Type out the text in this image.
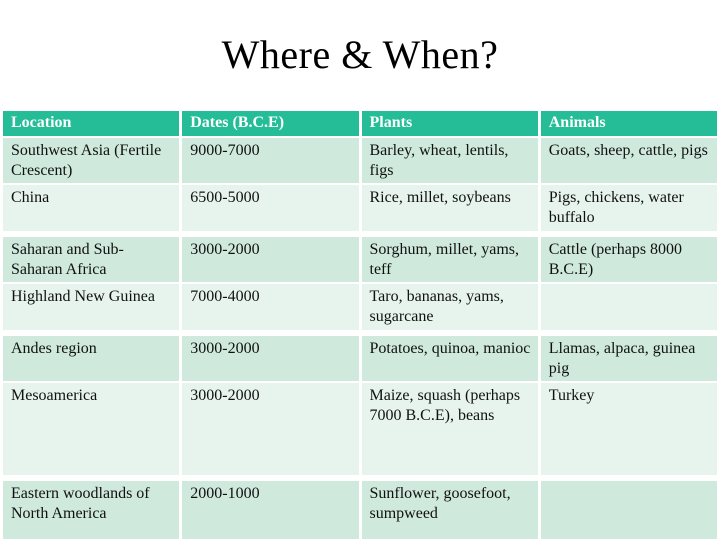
Where & When?
Location	Dates (B.C.E)	Plants	Animals
Southwest Asia (Fertile Crescent)	9000-7000	Barley, wheat, lentils, figs	Goats, sheep, cattle, pigs
China	6500-5000	Rice, millet, soybeans	Pigs, chickens, water buffalo
Saharan and Sub-Saharan Africa	3000-2000	Sorghum, millet, yams, teff	Cattle (perhaps 8000 B.C.E)
Highland New Guinea	7000-4000	Taro, bananas, yams, sugarcane	
Andes region	3000-2000	Potatoes, quinoa, manioc	Llamas, alpaca, guinea pig
Mesoamerica	3000-2000	Maize, squash (perhaps 7000 B.C.E), beans	Turkey
Eastern woodlands of North America	2000-1000	Sunflower, goosefoot, sumpweed	
